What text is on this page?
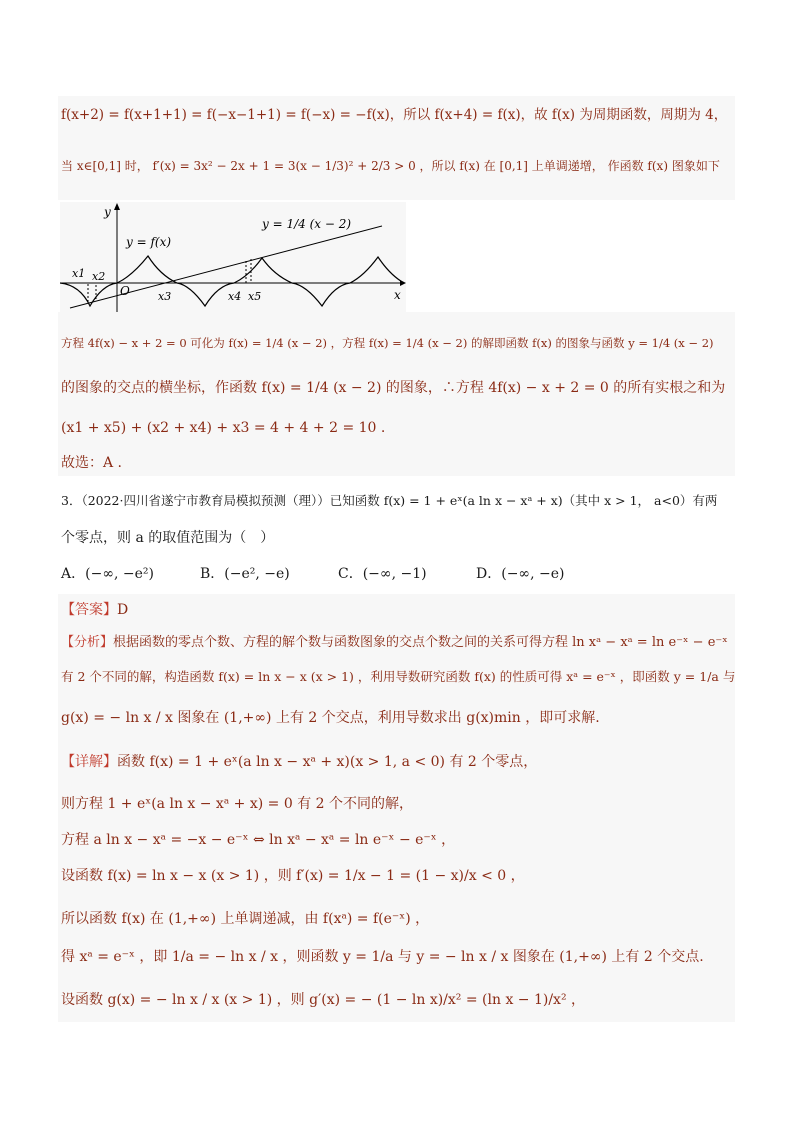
f(x+2) = f(x+1+1) = f(−x−1+1) = f(−x) = −f(x)，所以 f(x+4) = f(x)，故 f(x) 为周期函数，周期为 4，
当 x∈[0,1] 时， f′(x) = 3x² − 2x + 1 = 3(x − 1/3)² + 2/3 > 0 ，所以 f(x) 在 [0,1] 上单调递增， 作函数 f(x) 图象如下
y
x
O
y = f(x)
y = 1/4 (x − 2)
x1 x2
x3	x4 x5
方程 4f(x) − x + 2 = 0 可化为 f(x) = 1/4 (x − 2) ，方程 f(x) = 1/4 (x − 2) 的解即函数 f(x) 的图象与函数 y = 1/4 (x − 2)
的图象的交点的横坐标，作函数 f(x) = 1/4 (x − 2) 的图象，∴方程 4f(x) − x + 2 = 0 的所有实根之和为
(x1 + x5) + (x2 + x4) + x3 = 4 + 4 + 2 = 10 .
故选：A .
3．（2022·四川省遂宁市教育局模拟预测（理））已知函数 f(x) = 1 + eˣ(a ln x − xᵃ + x)（其中 x > 1， a<0）有两
个零点，则 a 的取值范围为（　）
A．(−∞, −e²)	B．(−e², −e)	C．(−∞, −1)	D．(−∞, −e)
【答案】D
【分析】根据函数的零点个数、方程的解个数与函数图象的交点个数之间的关系可得方程 ln xᵃ − xᵃ = ln e⁻ˣ − e⁻ˣ
有 2 个不同的解，构造函数 f(x) = ln x − x (x > 1) ，利用导数研究函数 f(x) 的性质可得 xᵃ = e⁻ˣ ，即函数 y = 1/a 与
g(x) = − ln x / x 图象在 (1,+∞) 上有 2 个交点，利用导数求出 g(x)min ，即可求解.
【详解】函数 f(x) = 1 + eˣ(a ln x − xᵃ + x)(x > 1, a < 0) 有 2 个零点，
则方程 1 + eˣ(a ln x − xᵃ + x) = 0 有 2 个不同的解，
方程 a ln x − xᵃ = −x − e⁻ˣ ⇔ ln xᵃ − xᵃ = ln e⁻ˣ − e⁻ˣ ，
设函数 f(x) = ln x − x (x > 1) ，则 f′(x) = 1/x − 1 = (1 − x)/x < 0 ，
所以函数 f(x) 在 (1,+∞) 上单调递减，由 f(xᵃ) = f(e⁻ˣ) ，
得 xᵃ = e⁻ˣ ，即 1/a = − ln x / x ，则函数 y = 1/a 与 y = − ln x / x 图象在 (1,+∞) 上有 2 个交点.
设函数 g(x) = − ln x / x (x > 1) ，则 g′(x) = − (1 − ln x)/x² = (ln x − 1)/x² ，
